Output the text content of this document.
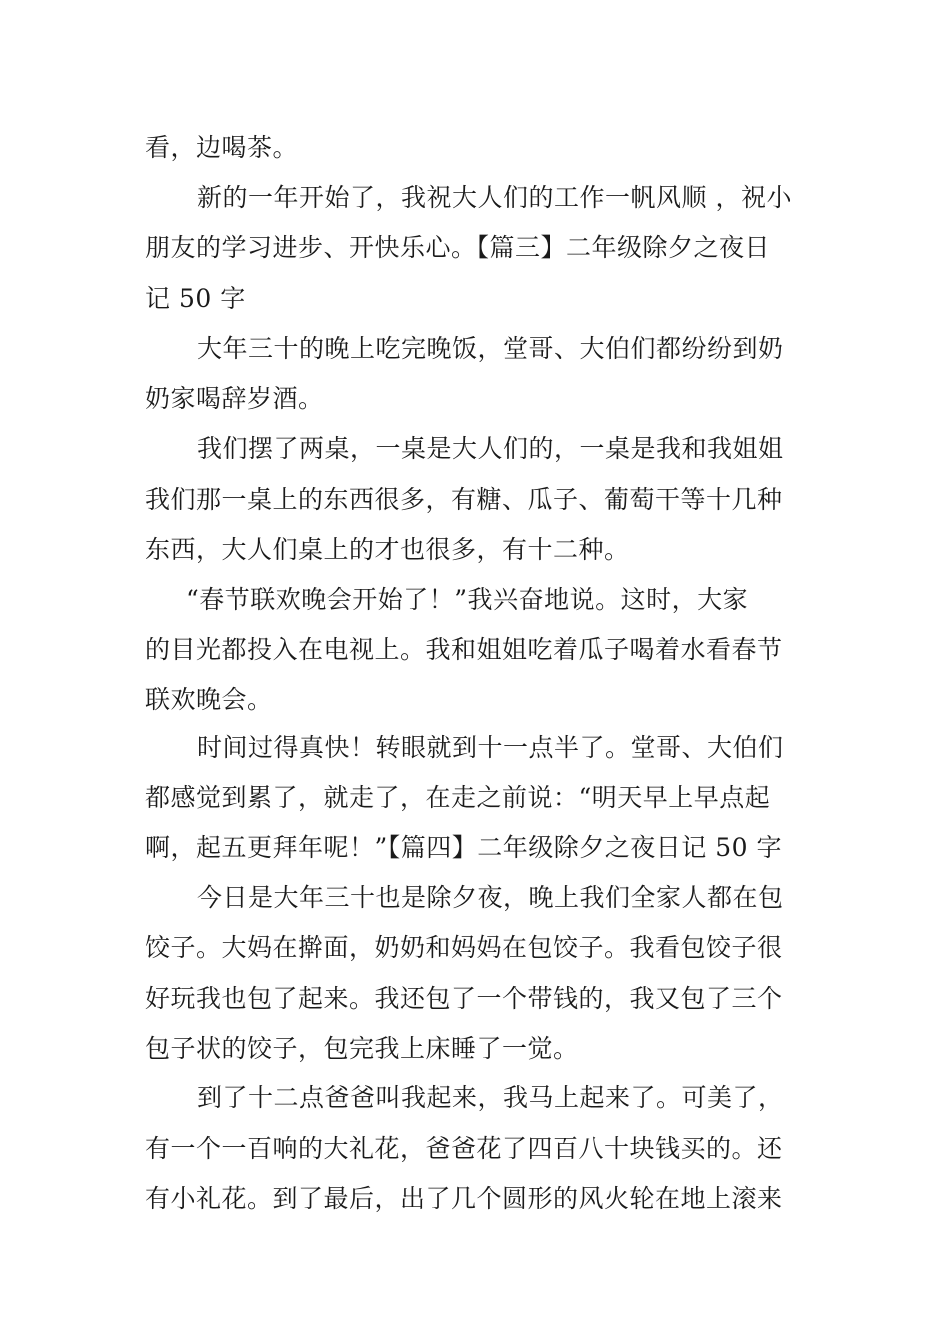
看，边喝茶。
新的一年开始了，我祝大人们的工作一帆风顺 ，祝小
朋友的学习进步、开快乐心。【篇三】二年级除夕之夜日
记 50 字
大年三十的晚上吃完晚饭，堂哥、大伯们都纷纷到奶
奶家喝辞岁酒。
我们摆了两桌，一桌是大人们的，一桌是我和我姐姐
我们那一桌上的东西很多，有糖、瓜子、葡萄干等十几种
东西，大人们桌上的才也很多，有十二种。
“春节联欢晚会开始了！”我兴奋地说。这时，大家
的目光都投入在电视上。我和姐姐吃着瓜子喝着水看春节
联欢晚会。
时间过得真快！转眼就到十一点半了。堂哥、大伯们
都感觉到累了，就走了，在走之前说：“明天早上早点起
啊，起五更拜年呢！”【篇四】二年级除夕之夜日记 50 字
今日是大年三十也是除夕夜，晚上我们全家人都在包
饺子。大妈在擀面，奶奶和妈妈在包饺子。我看包饺子很
好玩我也包了起来。我还包了一个带钱的，我又包了三个
包子状的饺子，包完我上床睡了一觉。
到了十二点爸爸叫我起来，我马上起来了。可美了，
有一个一百响的大礼花，爸爸花了四百八十块钱买的。还
有小礼花。到了最后，出了几个圆形的风火轮在地上滚来
